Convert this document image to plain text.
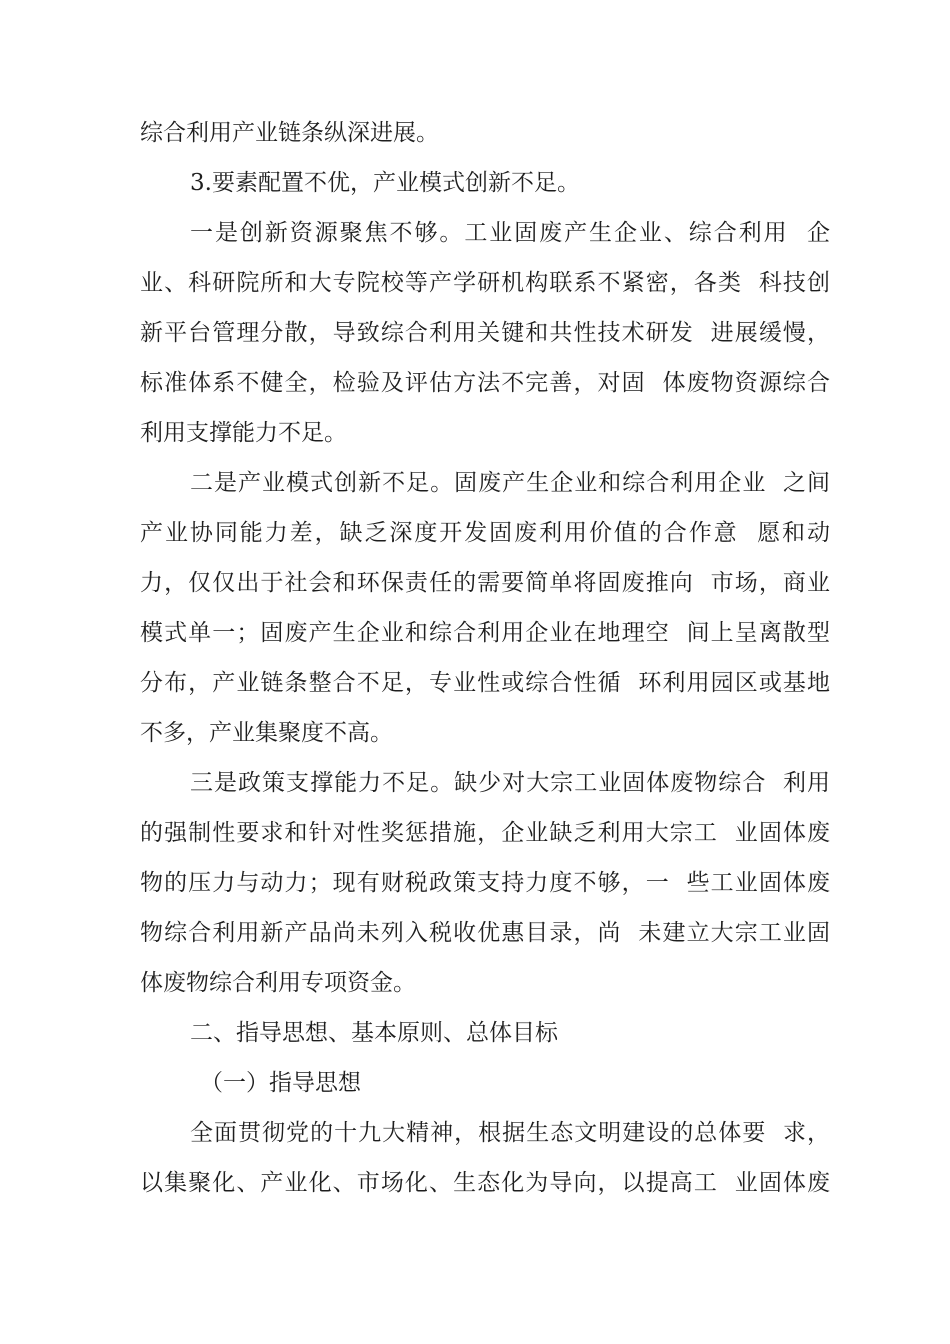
综合利用产业链条纵深进展。
3.要素配置不优，产业模式创新不足。
一是创新资源聚焦不够。工业固废产生企业、综合利用  企
业、科研院所和大专院校等产学研机构联系不紧密，各类  科技创
新平台管理分散，导致综合利用关键和共性技术研发  进展缓慢，
标准体系不健全，检验及评估方法不完善，对固  体废物资源综合
利用支撑能力不足。
二是产业模式创新不足。固废产生企业和综合利用企业  之间
产业协同能力差，缺乏深度开发固废利用价值的合作意  愿和动
力，仅仅出于社会和环保责任的需要简单将固废推向  市场，商业
模式单一；固废产生企业和综合利用企业在地理空  间上呈离散型
分布，产业链条整合不足，专业性或综合性循  环利用园区或基地
不多，产业集聚度不高。
三是政策支撑能力不足。缺少对大宗工业固体废物综合  利用
的强制性要求和针对性奖惩措施，企业缺乏利用大宗工  业固体废
物的压力与动力；现有财税政策支持力度不够，一  些工业固体废
物综合利用新产品尚未列入税收优惠目录，尚  未建立大宗工业固
体废物综合利用专项资金。
二、指导思想、基本原则、总体目标
（一）指导思想
全面贯彻党的十九大精神，根据生态文明建设的总体要  求，
以集聚化、产业化、市场化、生态化为导向，以提高工  业固体废
